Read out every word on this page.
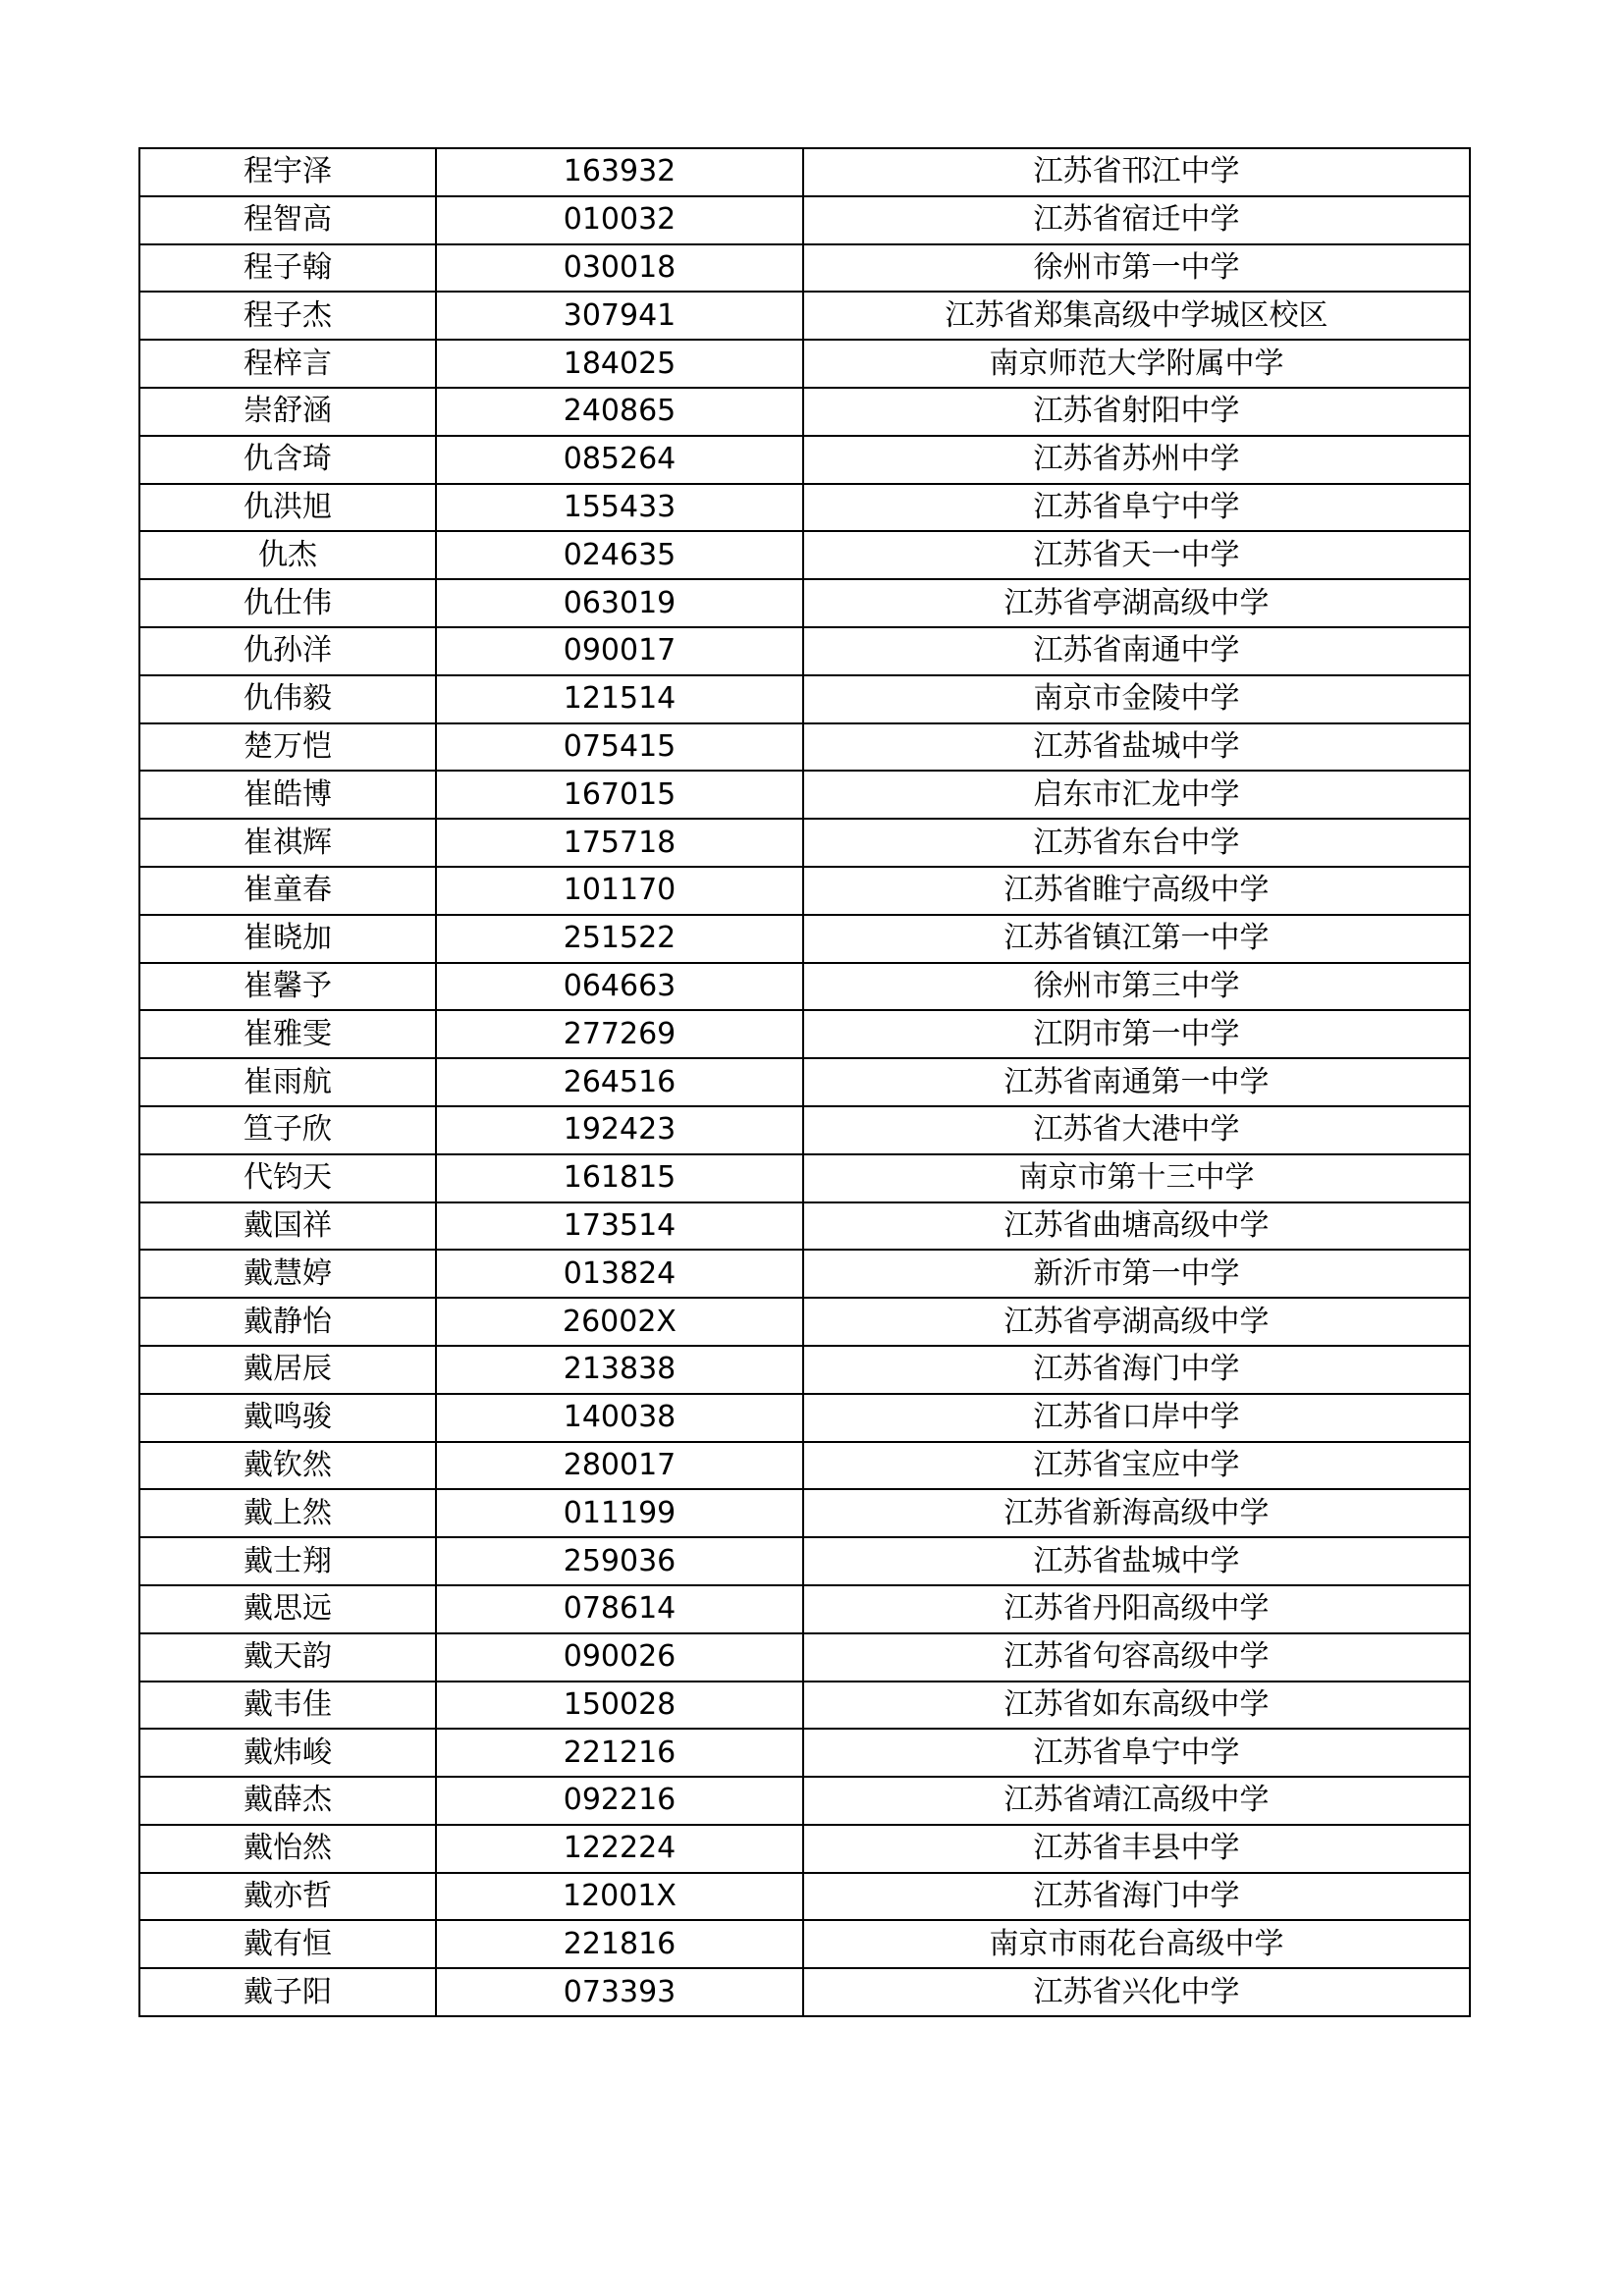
程宇泽	163932	江苏省邗江中学
程智高	010032	江苏省宿迁中学
程子翰	030018	徐州市第一中学
程子杰	307941	江苏省郑集高级中学城区校区
程梓言	184025	南京师范大学附属中学
崇舒涵	240865	江苏省射阳中学
仇含琦	085264	江苏省苏州中学
仇洪旭	155433	江苏省阜宁中学
仇杰	024635	江苏省天一中学
仇仕伟	063019	江苏省亭湖高级中学
仇孙洋	090017	江苏省南通中学
仇伟毅	121514	南京市金陵中学
楚万恺	075415	江苏省盐城中学
崔皓博	167015	启东市汇龙中学
崔祺辉	175718	江苏省东台中学
崔童春	101170	江苏省睢宁高级中学
崔晓加	251522	江苏省镇江第一中学
崔馨予	064663	徐州市第三中学
崔雅雯	277269	江阴市第一中学
崔雨航	264516	江苏省南通第一中学
笪子欣	192423	江苏省大港中学
代钧天	161815	南京市第十三中学
戴国祥	173514	江苏省曲塘高级中学
戴慧婷	013824	新沂市第一中学
戴静怡	26002X	江苏省亭湖高级中学
戴居辰	213838	江苏省海门中学
戴鸣骏	140038	江苏省口岸中学
戴钦然	280017	江苏省宝应中学
戴上然	011199	江苏省新海高级中学
戴士翔	259036	江苏省盐城中学
戴思远	078614	江苏省丹阳高级中学
戴天韵	090026	江苏省句容高级中学
戴韦佳	150028	江苏省如东高级中学
戴炜峻	221216	江苏省阜宁中学
戴薛杰	092216	江苏省靖江高级中学
戴怡然	122224	江苏省丰县中学
戴亦哲	12001X	江苏省海门中学
戴有恒	221816	南京市雨花台高级中学
戴子阳	073393	江苏省兴化中学
